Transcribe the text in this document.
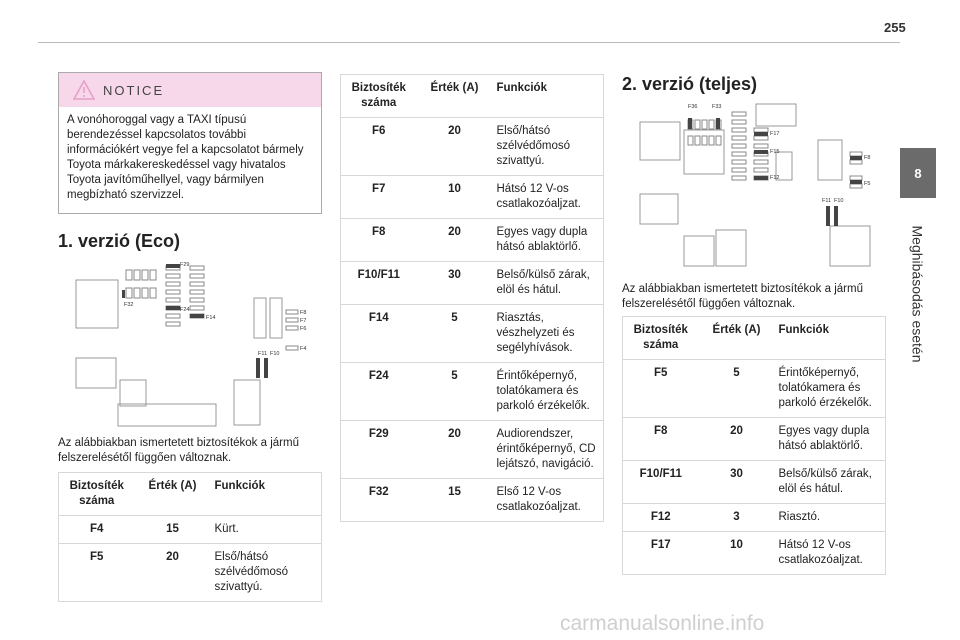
255
8
Meghibásodás esetén
NOTICE
A vonóhoroggal vagy a TAXI típusú berendezéssel kapcsolatos további információkért vegye fel a kapcsolatot bármely Toyota márkakereskedéssel vagy hivatalos Toyota javítóműhellyel, vagy bármilyen megbízható szervizzel.
1. verzió (Eco)
F29
F32
F24
F14
F8
F7
F6
F4
F11 F10
Az alábbiakban ismertetett biztosítékok a jármű felszerelésétől függően változnak.
Biztosíték száma	Érték (A)	Funkciók
F4	15	Kürt.
F5	20	Első/hátsó szélvédőmosó szivattyú.
Biztosíték száma	Érték (A)	Funkciók
F6	20	Első/hátsó szélvédőmosó szivattyú.
F7	10	Hátsó 12 V-os csatlakozóaljzat.
F8	20	Egyes vagy dupla hátsó ablaktörlő.
F10/F11	30	Belső/külső zárak, elöl és hátul.
F14	5	Riasztás, vészhelyzeti és segélyhívások.
F24	5	Érintőképernyő, tolatókamera és parkoló érzékelők.
F29	20	Audiorendszer, érintőképernyő, CD lejátszó, navigáció.
F32	15	Első 12 V-os csatlakozóaljzat.
2. verzió (teljes)
F36	F33
F17
F15
F12
F8
F5
F11 F10
Az alábbiakban ismertetett biztosítékok a jármű felszerelésétől függően változnak.
Biztosíték száma	Érték (A)	Funkciók
F5	5	Érintőképernyő, tolatókamera és parkoló érzékelők.
F8	20	Egyes vagy dupla hátsó ablaktörlő.
F10/F11	30	Belső/külső zárak, elöl és hátul.
F12	3	Riasztó.
F17	10	Hátsó 12 V-os csatlakozóaljzat.
carmanualsonline.info
